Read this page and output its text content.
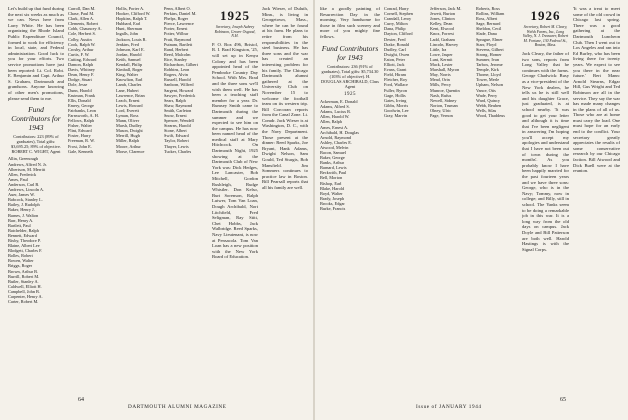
Let's build up that fund during the next six weeks as much as we can. News here from Larry White. He has been organizing the Rhode Island Public Expenditure Council, formed to work for efficiency in local, state, and Federal administration. Good luck to you for your efforts. Two service promotions have just been reported: Lt. Col. Robt. E. Benjamin and Capt. Arthur S. Graham, Dartmouth and grandsons. Anyone knowing of other men's promotions, please send them to me.
Fund Contributors for 1943
Contributors: 223 (89% of graduates), Total gifts: $3,695.25; 89% of objective. ROBERT C. WIGHT, Agent
Allin, Greenough
Andrews, Alfred N. Jr.
Albertson, M. Merritt
Allen, Frederick
Ames, Paul
Anderson, Carl B.
Andrews, Lincoln A.
Auer, James W.
Babcock, Stanley L.
Bailey, J. Rudolph
Baker, Henry J.
Barnes, J. Walton
Barr, Henry A.
Bartlett, Paul
Batchelder, Ralph
Bennett, Edward
Bixby, Theodore P.
Blaine, Albert Lee
Blodgett, Charles F.
Bolles, Robert
Bowen, Walter
Briggs, Roger
Brown, Arthur B.
Burrill, Robert M.
Butler, Stanley A.
Caldwell, Elliott H.
Campbell, John B.
Carpenter, Henry A.
Carter, Robert M.
Carroll, Dan M.
Chase, Paul M.
Clark, Allen A.
Clements, Robert
Cobb, Chauncey A.
Cole, Herbert S.
Colby, Austin
Cook, Ralph W.
Crosby, Arthur
Curtis, F. W.
Cutting, Edward
Damon, Ralph
Davis, Whitney
Dean, Henry F.
Dodge, Stuart
Dole, Jesse
Dunn, Harold
Eastman, Frank
Ellis, Donald
Emery, George
Fairbanks, Leon
Farnsworth, A. H.
Fellows, Ralph
Fisher, Walter
Flint, Edward
Foster, Harry
Freeman, R. W.
Frost, John E.
Gale, Kenneth
Hollis, Porter A.
Hooker, Clifford W.
Hopkins, Ralph T.
Hubbard, Earl
Hunt, Sherman
Ingalls, John
Jackson, Louis R.
Jenkins, Fred
Johnson, Karl E.
Jordan, Harold
Keith, Samuel
Kendall, Philip
Kimball, Roger
King, Walter
Knowlton, Earl
Lamb, Charles
Lane, Hubert
Lawrence, Brian
Leach, Ernest
Lewis, Howard
Lord, Everett
Lyman, Ross
Mann, Oliver
Marsh, Dudley
Mason, Dwight
Merrill, Hugh
Miller, Ralph
Moore, Arthur
Morse, Clarence
Penn, Albert O.
Perkins, Daniel M.
Phelps, Roger
Pierce, Lawrence
Porter, Ernest
Potter, Wilbur
Pratt, Raymond
Putnam, Bartlett
Rand, Herbert
Reed, Malcolm
Rice, Stanley
Richardson, Gilbert
Robbins, Leon
Rogers, Alvin
Russell, Harold
Sanborn, Wilfred
Sargent, Howard
Sawyer, Frederick
Sears, Ralph
Shaw, Raymond
Smith, Carleton
Snow, Ernest
Spencer, Wendell
Stearns, Harold
Stone, Albert
Swift, Edward
Taylor, Robert
Thayer, Lewis
Tucker, Charles
1925
Secretary, Joseph Aubrey Robinson, Grover Osgood, N.H.
P. O. Box 496, Bristol, R. I. Brad Kingston, '25, will set up in Kenya Colony and has been appointed head of the Pembroke Country Day School. With Mrs. Brad and the three sons we'll wish them well. He has been a teaching staff member for a year. Dr. Rumsey Smith came to Dartmouth during the summer and we expected to see him on the campus. He has now been named head of the medical staff at Mary Hitchcock. On Dartmouth Night, 1925 showing at the Dartmouth Club of New York was: Dick Hedges, Lee Lancaster, Bob Mitchell, Gordon Rushleigh, Rudge Whistler. Don Kelso, Burt Sorenson, Ralph Lutwer, Tom Van Loan, Dough Archibald, Nort Litchfield, Fred Seligman, Ray Stitt, Chet Hobbs, Jack Walbridge. Reed Sparks, Navy Lieutenant, is now at Pensacola. Tom Van Loan has a new position with the New York Board of Education.
Jack Wieser, of Duluth, Minn., is living in Georgetown, Mass., where he can be found at his farm. He plans to retire from his responsibilities in the steel business. He has three sons and the war has created an interesting problem for his family. The Chicago Dartmouth alumni gathered at the University Club on November 15 to welcome the football team on its western trip. Bill Corcoran reports from the Canal Zone. Lt. Comdr. Jack Wieser is at Washington, D. C., with the Navy Department. Those present at the dinner: Reed Sparks, Joe Bryant, Hank Adams, Dwight Nelson, Sam Gould, Ted Sturgis, Bob Mansfield. Jim Sommers continues to practice law in Boston. Bill Pearsall reports that all his family are well.
64
DARTMOUTH ALUMNI MAGAZINE
like a goodly painting of Resurrection Day in the morning. Very handsome for those in film such scenery and more of you mighty fine fellows.
Fund Contributors for 1943
Contributors: 236 (91% of graduates), Total gifts: $5,734.30 (103% of objective). H. DOUGLAS ARCHIBALD, Class Agent
1925
Ackerman, E. Donald
Adams, Alfred S.
Adams, Lucius R.
Allen, Harold W.
Allen, Ralph
Ames, Ernest A.
Archibald, H. Douglas
Arnold, Raymond
Ashley, Charles E.
Atwood, Melvin
Bacon, Samuel
Baker, George
Banks, Arthur
Barnard, Lewis
Beckwith, Paul
Bell, Morton
Bishop, Earl
Blake, Harold
Boyd, Walter
Brady, Joseph
Brooks, Edgar
Burke, Francis
Conrad, Harry
Cornell, Stephen
Crandall, Leroy
Curry, Milton
Dana, Philip
Dayton, Clifford
Dexter, Fred
Drake, Ronald
Dudley, Carl
Dwight, Owen
Eaton, Peter
Elliott, Jack
Evans, Grant
Field, Hiram
Fletcher, Roy
Ford, Wallace
Fuller, Byron
Gage, Hollis
Gates, Irving
Gibbs, Morris
Goodwin, Lee
Gray, Marvin
Jefferson, Jack M.
Jewett, Burton
Jones, Clinton
Kelley, Dean
Kent, Elwood
Knox, Forrest
Ladd, Graham
Lincoln, Harvey
Little, Ira
Lowe, Jasper
Lunt, Kermit
Mack, Lester
Marshall, Myron
May, Norris
Mead, Orin
Mills, Percy
Munroe, Quentin
Nash, Rufus
Newell, Sidney
Norton, Truman
Olney, Ulric
Page, Vernon
Roberts, Ross
Rollins, William
Ross, Albert
Sage, Bernard
Sheldon, Cecil
Slade, Dana
Sprague, Elmer
Starr, Floyd
Stevens, Gilbert
Strong, Homer
Sumner, Ivan
Tarbox, Jerome
Temple, Kirk
Thorne, Lloyd
Tower, Merle
Upham, Nelson
Vance, Otis
Wade, Perry
Ward, Quincy
Webb, Reuben
Wells, Silas
Wood, Thaddeus
1926
Secretary, Robert M. Cleary, Welsh Farms, Inc., Long Valley, N. J. Treasurer, Robert M. Fortune, 130 Federal St., Boston, Mass.
Jack Cleary, the father of two sons, reports from Long Valley that he continues with the farms. George Chadwick: Busy as a vice-president of the New York dealers, he tells us he is still well and his daughter Grace, just graduated, is at school nearby. 'It was good to get your letter and although it is time that I've been negligent in answering I'm hoping you'll accept my apologies and understand that I have not been out of town during the months'. As you probably know I have been happily married for the past fourteen years and we have three sons: George, who is in the Navy; Tommy, now in college; and Billy, still in school. The Yanks seem to be doing a remarkable job in this war. It is a long way from the old days on campus. Jack Doyle and Bill Patterson are both well. Harold Hastings is with the Signal Corps.
'It was a treat to meet some of the old crowd in Chicago last spring. There was a good gathering at the Dartmouth Luncheon Club. Then I went out to Los Angeles and ran into Ed Burley, who has been living there for twenty years. We expect to see you there in the near future.' Bert Mann: Arnold Stearns, Edgar Hill, Gus Wright and Ted Robinson are all in the service. They say the war has made many changes in the plans of all of us. Those who are at home must carry the load. One must hope for an early end to the conflict. Your secretary greatly appreciates the results of some conservative research by our Chicago faction. Bill Atwood and Dick Buell were at the reunion.
Issue of JANUARY 1944
65
